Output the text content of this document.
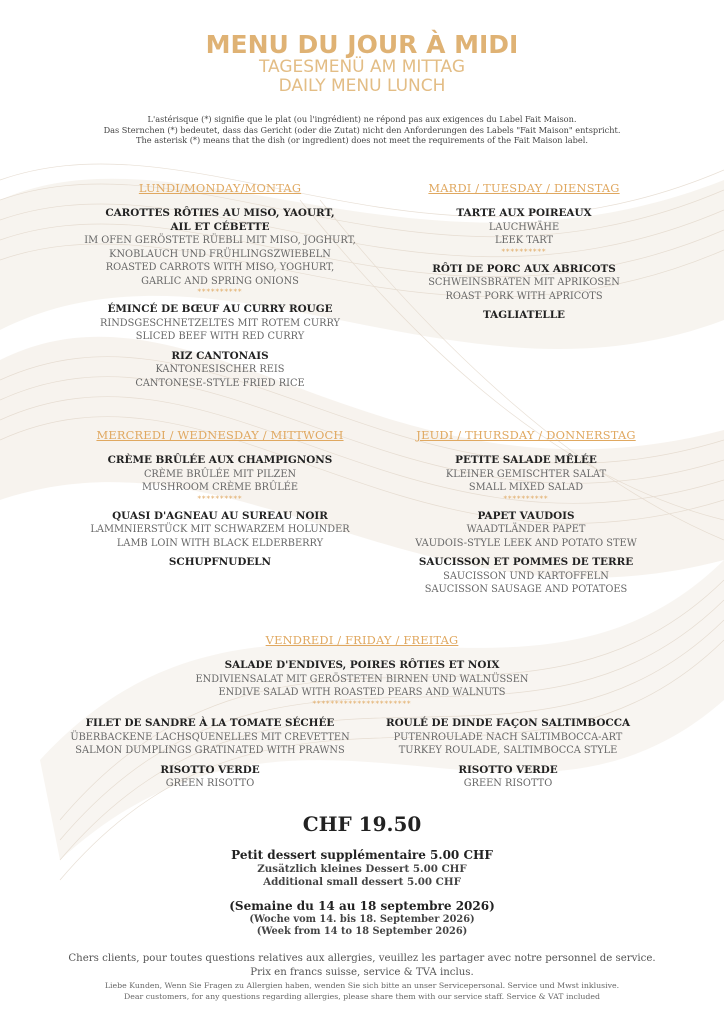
MENU DU JOUR À MIDI
TAGESMENÜ AM MITTAG
DAILY MENU LUNCH
L'astérisque (*) signifie que le plat (ou l'ingrédient) ne répond pas aux exigences du Label Fait Maison.
Das Sternchen (*) bedeutet, dass das Gericht (oder die Zutat) nicht den Anforderungen des Labels "Fait Maison" entspricht.
The asterisk (*) means that the dish (or ingredient) does not meet the requirements of the Fait Maison label.
LUNDI/MONDAY/MONTAG
CAROTTES RÔTIES AU MISO, YAOURT,
AIL ET CÉBETTE
IM OFEN GERÖSTETE RÜEBLI MIT MISO, JOGHURT,
KNOBLAUCH UND FRÜHLINGSZWIEBELN
ROASTED CARROTS WITH MISO, YOGHURT,
GARLIC AND SPRING ONIONS
**********
ÉMINCÉ DE BŒUF AU CURRY ROUGE
RINDSGESCHNETZELTES MIT ROTEM CURRY
SLICED BEEF WITH RED CURRY
RIZ CANTONAIS
KANTONESISCHER REIS
CANTONESE-STYLE FRIED RICE
MARDI / TUESDAY / DIENSTAG
TARTE AUX POIREAUX
LAUCHWÄHE
LEEK TART
**********
RÔTI DE PORC AUX ABRICOTS
SCHWEINSBRATEN MIT APRIKOSEN
ROAST PORK WITH APRICOTS
TAGLIATELLE
MERCREDI / WEDNESDAY / MITTWOCH
CRÈME BRÛLÉE AUX CHAMPIGNONS
CRÈME BRÛLÉE MIT PILZEN
MUSHROOM CRÈME BRÛLÉE
**********
QUASI D'AGNEAU AU SUREAU NOIR
LAMMNIERSTÜCK MIT SCHWARZEM HOLUNDER
LAMB LOIN WITH BLACK ELDERBERRY
SCHUPFNUDELN
JEUDI / THURSDAY / DONNERSTAG
PETITE SALADE MÊLÉE
KLEINER GEMISCHTER SALAT
SMALL MIXED SALAD
**********
PAPET VAUDOIS
WAADTLÄNDER PAPET
VAUDOIS-STYLE LEEK AND POTATO STEW
SAUCISSON ET POMMES DE TERRE
SAUCISSON UND KARTOFFELN
SAUCISSON SAUSAGE AND POTATOES
VENDREDI / FRIDAY / FREITAG
SALADE D'ENDIVES, POIRES RÔTIES ET NOIX
ENDIVIENSALAT MIT GERÖSTETEN BIRNEN UND WALNÜSSEN
ENDIVE SALAD WITH ROASTED PEARS AND WALNUTS
**********************
FILET DE SANDRE À LA TOMATE SÉCHÉE
ÜBERBACKENE LACHSQUENELLES MIT CREVETTEN
SALMON DUMPLINGS GRATINATED WITH PRAWNS
RISOTTO VERDE
GREEN RISOTTO
ROULÉ DE DINDE FAÇON SALTIMBOCCA
PUTENROULADE NACH SALTIMBOCCA-ART
TURKEY ROULADE, SALTIMBOCCA STYLE
RISOTTO VERDE
GREEN RISOTTO
CHF 19.50
Petit dessert supplémentaire 5.00 CHF
Zusätzlich kleines Dessert 5.00 CHF
Additional small dessert 5.00 CHF
(Semaine du 14 au 18 septembre 2026)
(Woche vom 14. bis 18. September 2026)
(Week from 14 to 18 September 2026)
Chers clients, pour toutes questions relatives aux allergies, veuillez les partager avec notre personnel de service.
Prix en francs suisse, service & TVA inclus.
Liebe Kunden, Wenn Sie Fragen zu Allergien haben, wenden Sie sich bitte an unser Servicepersonal. Service und Mwst inklusive.
Dear customers, for any questions regarding allergies, please share them with our service staff. Service & VAT included
